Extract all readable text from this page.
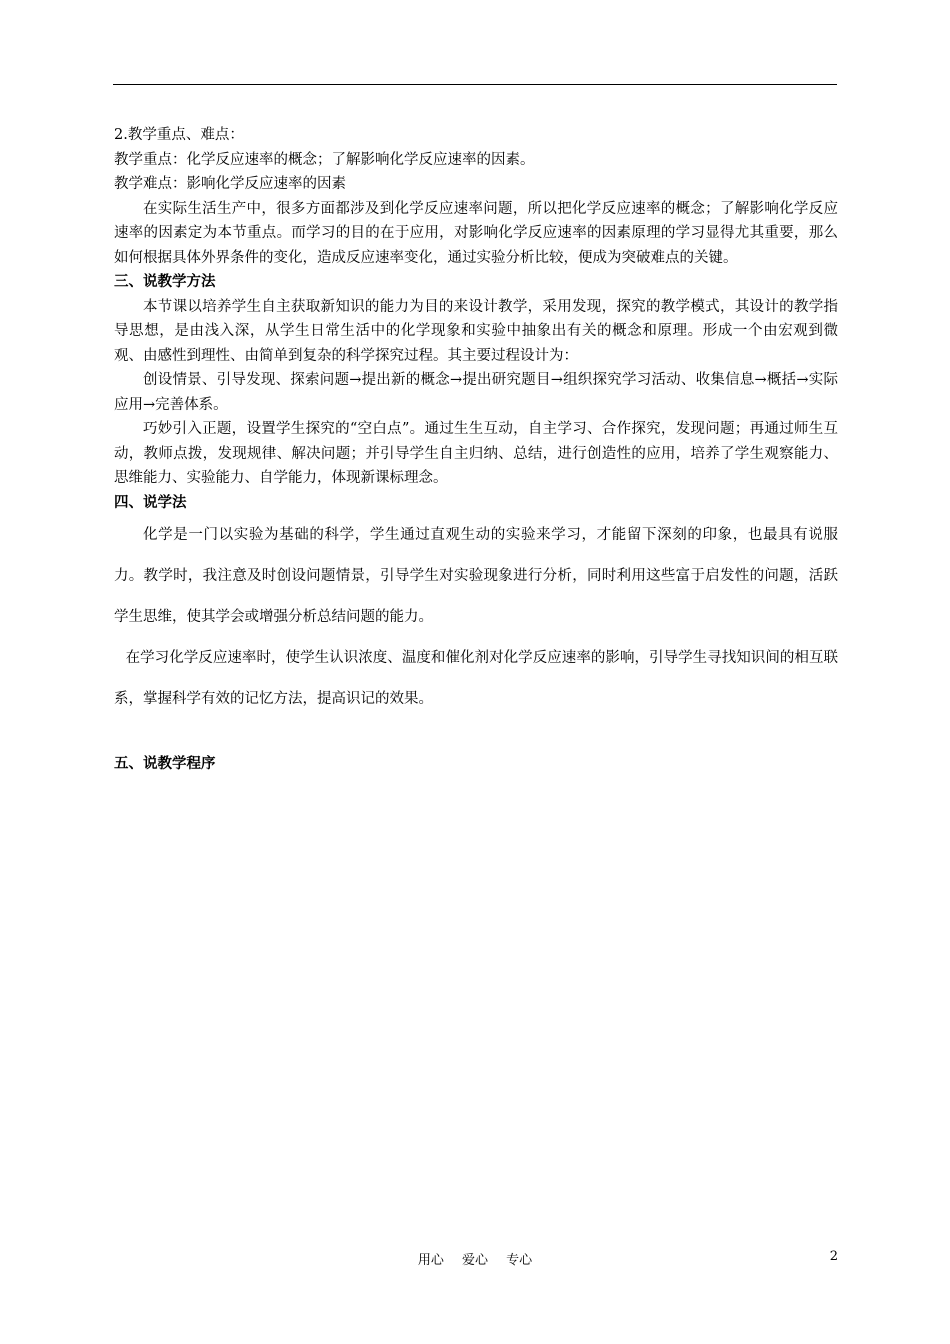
2.教学重点、难点：
教学重点：化学反应速率的概念；了解影响化学反应速率的因素。
教学难点：影响化学反应速率的因素
在实际生活生产中，很多方面都涉及到化学反应速率问题，所以把化学反应速率的概念；了解影响化学反应速率的因素定为本节重点。而学习的目的在于应用，对影响化学反应速率的因素原理的学习显得尤其重要，那么如何根据具体外界条件的变化，造成反应速率变化，通过实验分析比较，便成为突破难点的关键。
三、说教学方法
本节课以培养学生自主获取新知识的能力为目的来设计教学，采用发现，探究的教学模式，其设计的教学指导思想，是由浅入深，从学生日常生活中的化学现象和实验中抽象出有关的概念和原理。形成一个由宏观到微观、由感性到理性、由简单到复杂的科学探究过程。其主要过程设计为：
创设情景、引导发现、探索问题→提出新的概念→提出研究题目→组织探究学习活动、收集信息→概括→实际应用→完善体系。
巧妙引入正题，设置学生探究的“空白点”。通过生生互动，自主学习、合作探究，发现问题；再通过师生互动，教师点拨，发现规律、解决问题；并引导学生自主归纳、总结，进行创造性的应用，培养了学生观察能力、思维能力、实验能力、自学能力，体现新课标理念。
四、说学法
化学是一门以实验为基础的科学，学生通过直观生动的实验来学习，才能留下深刻的印象，也最具有说服力。教学时，我注意及时创设问题情景，引导学生对实验现象进行分析，同时利用这些富于启发性的问题，活跃学生思维，使其学会或增强分析总结问题的能力。
在学习化学反应速率时，使学生认识浓度、温度和催化剂对化学反应速率的影响，引导学生寻找知识间的相互联系，掌握科学有效的记忆方法，提高识记的效果。
五、说教学程序
用心 爱心 专心	2
